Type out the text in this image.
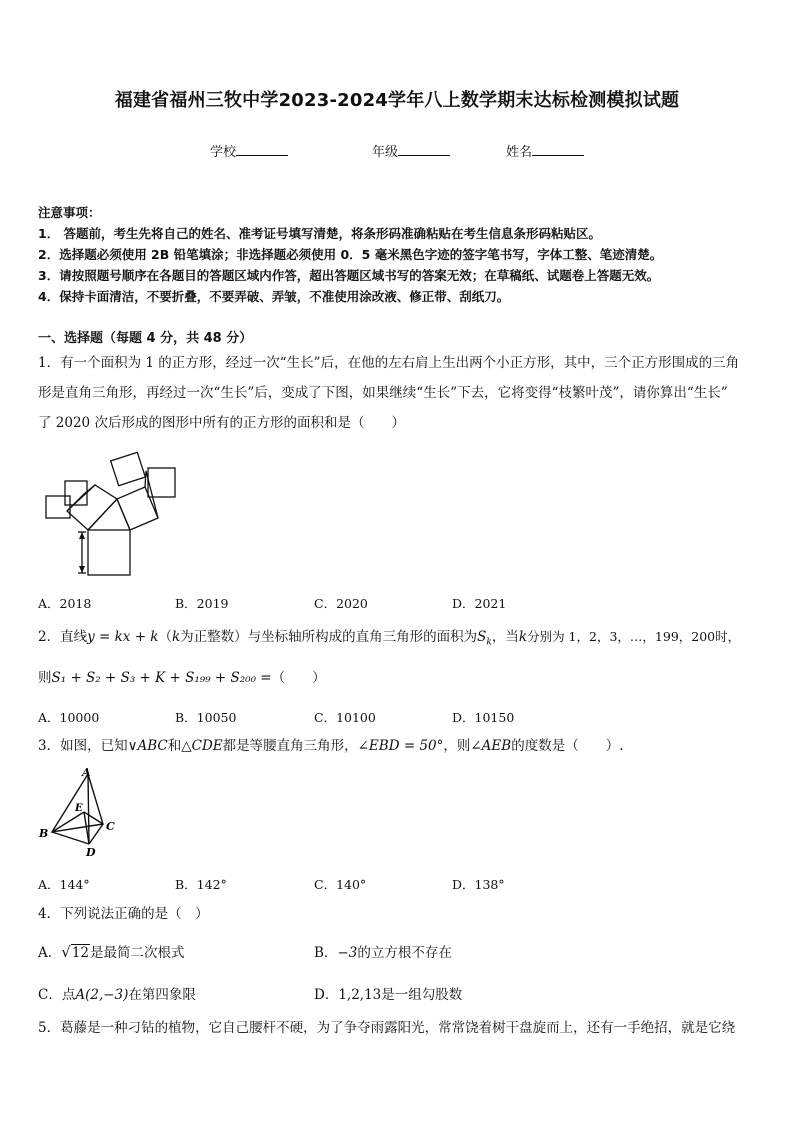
福建省福州三牧中学2023-2024学年八上数学期末达标检测模拟试题
学校	年级	姓名
注意事项：
1． 答题前，考生先将自己的姓名、准考证号填写清楚，将条形码准确粘贴在考生信息条形码粘贴区。
2．选择题必须使用 2B 铅笔填涂；非选择题必须使用 0．5 毫米黑色字迹的签字笔书写，字体工整、笔迹清楚。
3．请按照题号顺序在各题目的答题区域内作答，超出答题区域书写的答案无效；在草稿纸、试题卷上答题无效。
4．保持卡面清洁，不要折叠，不要弄破、弄皱，不准使用涂改液、修正带、刮纸刀。
一、选择题（每题 4 分，共 48 分）
1．有一个面积为 1 的正方形，经过一次“生长”后，在他的左右肩上生出两个小正方形，其中，三个正方形围成的三角
形是直角三角形，再经过一次“生长”后，变成了下图，如果继续“生长”下去，它将变得“枝繁叶茂”，请你算出“生长”
了 2020 次后形成的图形中所有的正方形的面积和是（　　）
A．2018	B．2019	C．2020	D．2021
2．直线y = kx + k（k为正整数）与坐标轴所构成的直角三角形的面积为$S_k$，当k分别为 1，2，3，…，199，200时，
则S₁ + S₂ + S₃ + K + S₁₉₉ + S₂₀₀ =（　　）
A．10000	B．10050	C．10100	D．10150
3．如图，已知∨ABC和△CDE都是等腰直角三角形，∠EBD = 50°，则∠AEB的度数是（　　）.
A
B
C
D
E
A．144°	B．142°	C．140°	D．138°
4．下列说法正确的是（　）
A．√12是最简二次根式	B．−3的立方根不存在
C．点A(2,−3)在第四象限	D．1,2,13是一组勾股数
5．葛藤是一种刁钻的植物，它自己腰杆不硬，为了争夺雨露阳光，常常饶着树干盘旋而上，还有一手绝招，就是它绕
